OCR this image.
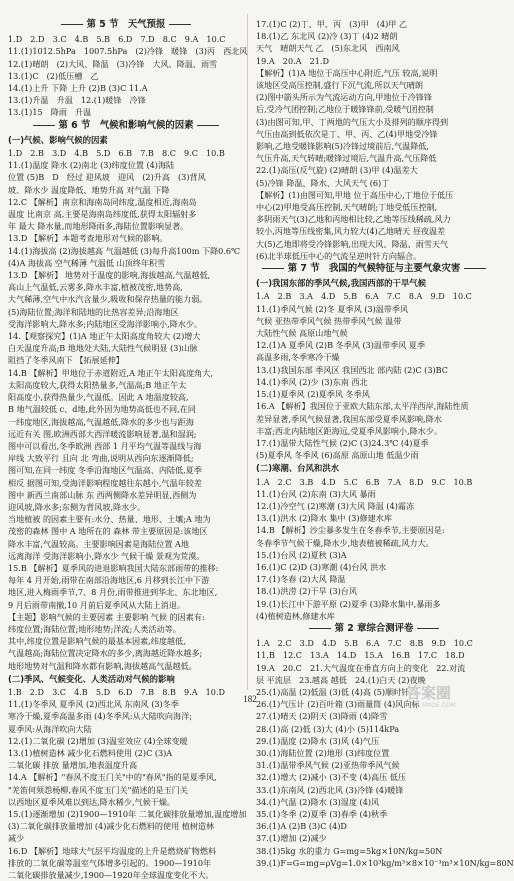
第 5 节　天气预报
1.D　2.D　3.C　4.B　5.B　6.D　7.D　8.C　9.A　10.C
11.(1)1012.5hPa　1007.5hPa　(2)冷锋　暖锋　(3)丙　西北风
12.(1)晴朗　(2)大风、降温　(3)冷锋　大风、降温、雨雪
13.(1)C　(2)低压槽　乙
14.(1)上升 下降 上升 (2)B (3)C 11.A
13.(1)升温　升温　12.(1)暖锋　冷锋
13.(1)15　降雨　升温
第 6 节　气候和影响气候的因素
(一)气候、影响气候的因素
1.D　2.B　3.D　4.B　5.D　6.B　7.B　8.C　9.C　10.B
11.(1)温度 降水 (2)南北 (3)纬度位置 (4)海陆
位置 (5)B　D　经过 迎风坡　迎风　(2)升高　(3)背风
坡、降水少 温度降低、地势升高 对气温 下降
12.C 【解析】南京和海南岛同纬度,温度相近,海南岛
温度 比南京 高,主要是海南岛纬度低,获得太阳辐射多
年 最大 降水量,而地形降雨多,海陆位置影响显著。
13.D 【解析】本题考查地形对气候的影响。
14.(1)海拔高 (2)海拔越高 气温越低 (3)每升高100m 下降0.6℃
(4)A 海拔高 空气稀薄 气温低 山顶终年积雪
13.D 【解析】 地势对于温度的影响,海拔越高,气温越低,
高山上气温低,云雾多,降水丰富,植被茂密,地势高,
大气稀薄,空气中水汽含量少,吸收和保存热量的能力弱。
(5)海陆位置;海洋和陆地的比热容差异;沿海地区
受海洋影响大,降水多;内陆地区受海洋影响小,降水少。
14.【观察探究】(1)A 地正午太阳高度角较大 (2)增大
白天温度升高;B 地地处大陆,大陆性气候明显 (3)山脉
阻挡了冬季风南下 【拓展延伸】
14.B 【解析】甲地位于赤道附近,A 地正午太阳高度角大,
太阳高度较大,获得太阳热量多,气温高;B 地正午太
阳高度小,获得热量少,气温低。因此 A 地温度较高,
B 地气温较低 c、d地,此外因为地势高低也不同,在同
一纬度地区,海拔越高,气温越低,降水的多少也与距海
远近有关 图,欧洲西部大西洋暖流影响显著,温和湿润;
图中可以看出,冬季欧洲 西部 1 月平均气温等温线与海
岸线 大致平行 且向 北 弯曲,说明从西向东逐渐降低;
图可知,在同一纬度 冬季沿海地区气温高、内陆低,夏季
相反 据图可知,受海洋影响程度越往东越小,气温年较差
图中 新西兰南部山脉 东 西两侧降水差异明显,西侧为
迎风坡,降水多;东侧为背风坡,降水少。
当地植被 的因素主要有:水分、热量、地形、土壤;A 地为
茂密的森林 图中 A 地所在的 森林 带主要原因是:该地区
降水丰富,气温较高。主要影响因素是海陆位置 A地
远离海洋 受海洋影响小,降水少 气候干燥 景观为荒漠。
15.B 【解析】夏季风的进退影响我国大陆东部雨带的推移:
每年 4 月开始,雨带在南部沿海地区,6 月移到长江中下游
地区,进入梅雨季节,7、8 月份,雨带推进到华北、东北地区,
9 月后雨带南撤,10 月前后夏季风从大陆上消退。
【主题】影响气候的主要因素 主要影响 气候 的因素有:
纬度位置;海陆位置;地形地势;洋流;人类活动等。
其中,纬度位置是影响气候的最基本因素,纬度越低,
气温越高;海陆位置决定降水的多少,离海越近降水越多;
地形地势对气温和降水都有影响,海拔越高气温越低。
(二)季风、气候变化、人类活动对气候的影响
1.B　2.D　3.C　4.B　5.D　6.D　7.B　8.B　9.A　10.D
11.(1)冬季风 夏季风 (2)西北风 东南风 (3)冬季
寒冷干燥,夏季高温多雨 (4)冬季风:从大陆吹向海洋;
夏季风:从海洋吹向大陆
12.(1)二氧化碳 (2)增加 (3)温室效应 (4)全球变暖
13.(1)植树造林 减少化石燃料使用 (2)C (3)A
二氧化碳 排放 量增加,地表温度升高
14.A 【解析】"春风不度玉门关"中的"春风"指的是夏季风,
"羌笛何须怨杨柳,春风不度玉门关"描述的是玉门关
以西地区夏季风难以到达,降水稀少,气候干燥。
15.(1)逐渐增加 (2)1900—1910年 二氧化碳排放量增加,温度增加
(3)二氧化碳排放量增加 (4)减少化石燃料的使用 植树造林
减少
16.D 【解析】地球大气层平均温度的上升是燃烧矿物燃料
排放的二氧化碳等温室气体增多引起的。1900—1910年
二氧化碳排放量减少,1900—1920年全球温度变化不大。
17.(1)C (2)丁、甲、丙　(3)甲　(4)甲 乙
18.(1)乙 东北风 (2)冷 (3)丁 (4)2 晴朗
天气　晴朗天气 乙　(5)东北风　西南风
19.A　20.A　21.D
【解析】(1)A 地位于高压中心附近,气压 较高,说明
该地区受高压控制,盛行下沉气流,所以天气晴朗
(2)图中箭头所示为气流运动方向,甲地位于冷锋锋
后,受冷气团控制;乙地位于暖锋锋前,受暖气团控制
(3)由图可知,甲、丁两地的气压大小及排列的顺序得到
气压由高到低依次是丁、甲、丙、乙(4)甲地受冷锋
影响,乙地受暖锋影响(5)冷锋过境前后,气温降低,
气压升高,天气转晴;暖锋过境后,气温升高,气压降低
22.(1)高压(反气旋) (2)晴朗 (3)甲 (4)温差大
(5)冷锋 降温、降水、大风天气 (6)丁
【解析】(1)由图可知,甲地 位于高压中心,丁地位于低压
中心(2)甲地受高压控制,天气晴朗;丁地受低压控制,
多阴雨天气(3)乙地和丙地相比较,乙地等压线稀疏,风力
较小,丙地等压线密集,风力较大(4)乙地晴天 昼夜温差
大(5)乙地即将受冷锋影响,出现大风、降温、雨雪天气
(6)北半球低压中心的气流呈逆时针方向辐合。
第 7 节　我国的气候特征与主要气象灾害
(一)我国东部的季风气候,我国西部的干旱气候
1.A　2.B　3.A　4.D　5.B　6.A　7.C　8.A　9.D　10.C
11.(1)季风气候 (2)冬 夏季风 (3)温带季风
气候 亚热带季风气候 热带季风气候 温带
大陆性气候 高原山地气候
12.(1)A 夏季风 (2)B 冬季风 (3)温带季风 夏季
高温多雨,冬季寒冷干燥
13.(1)我国东部 季风区 我国西北 部内陆 (2)C (3)BC
14.(1)季风 (2)少 (3)东南 西北
15.(1)夏季风 (2)夏季风 冬季风
16.A 【解析】我国位于亚欧大陆东部,太平洋西岸,海陆性质
差异显著,季风气候显著,我国东部受夏季风影响,降水
丰富;西北内陆地区距海远,受夏季风影响小,降水少。
17.(1)温带大陆性气候 (2)C (3)24.3℃ (4)夏季
(5)夏季风 冬季风 (6)高原 高原山地 低温少雨
(二)寒潮、台风和洪水
1.A　2.C　3.B　4.D　5.C　6.B　7.A　8.D　9.C　10.B
11.(1)台风 (2)东南 (3)大风 暴雨
12.(1)冷空气 (2)寒潮 (3)大风 降温 (4)霜冻
13.(1)洪水 (2)降水 集中 (3)修建水库
14.B 【解析】沙尘暴多发生在冬春季节,主要原因是:
冬春季节气候干燥,降水少,地表植被稀疏,风力大。
15.(1)台风 (2)夏秋 (3)A
16.(1)C (2)D (3)寒潮 (4)台风 洪水
17.(1)冬春 (2)大风 降温
18.(1)洪涝 (2)干旱 (3)台风
19.(1)长江中下游平原 (2)夏季 (3)降水集中,暴雨多
(4)植树造林,修建水库
第 2 章综合测评卷
1.A　2.C　3.D　4.D　5.B　6.A　7.C　8.B　9.D　10.C
11.B　12.C　13.A　14.D　15.A　16.B　17.C　18.D
19.A　20.C　21.大气温度在垂直方向上的变化　22.对流
层 平流层　23.越高 越低　24.(1)白天 (2)夜晚
25.(1)高温 (2)低温 (3)低 (4)高 (5)顺时针
26.(1)气压计 (2)百叶箱 (3)雨量筒 (4)风向标
27.(1)晴天 (2)阴天 (3)降雨 (4)降雪
28.(1)高 (2)低 (3)大 (4)小 (5)114kPa
29.(1)温度 (2)降水 (3)风 (4)气压
30.(1)海陆位置 (2)地形 (3)纬度位置
31.(1)温带季风气候 (2)亚热带季风气候
32.(1)增大 (2)减小 (3)不变 (4)高压 低压
33.(1)东南风 (2)西北风 (3)冷锋 (4)暖锋
34.(1)气温 (2)降水 (3)湿度 (4)风
35.(1)冬季 (2)夏季 (3)春季 (4)秋季
36.(1)A (2)B (3)C (4)D
37.(1)增加 (2)减少
38.(1)5kg 水的重力 G=mg=5kg×10N/kg=50N
39.(1)F=G=mg=ρVg=1.0×10³kg/m³×8×10⁻³m³×10N/kg=80N
182	答案圈
MXQE.COM
